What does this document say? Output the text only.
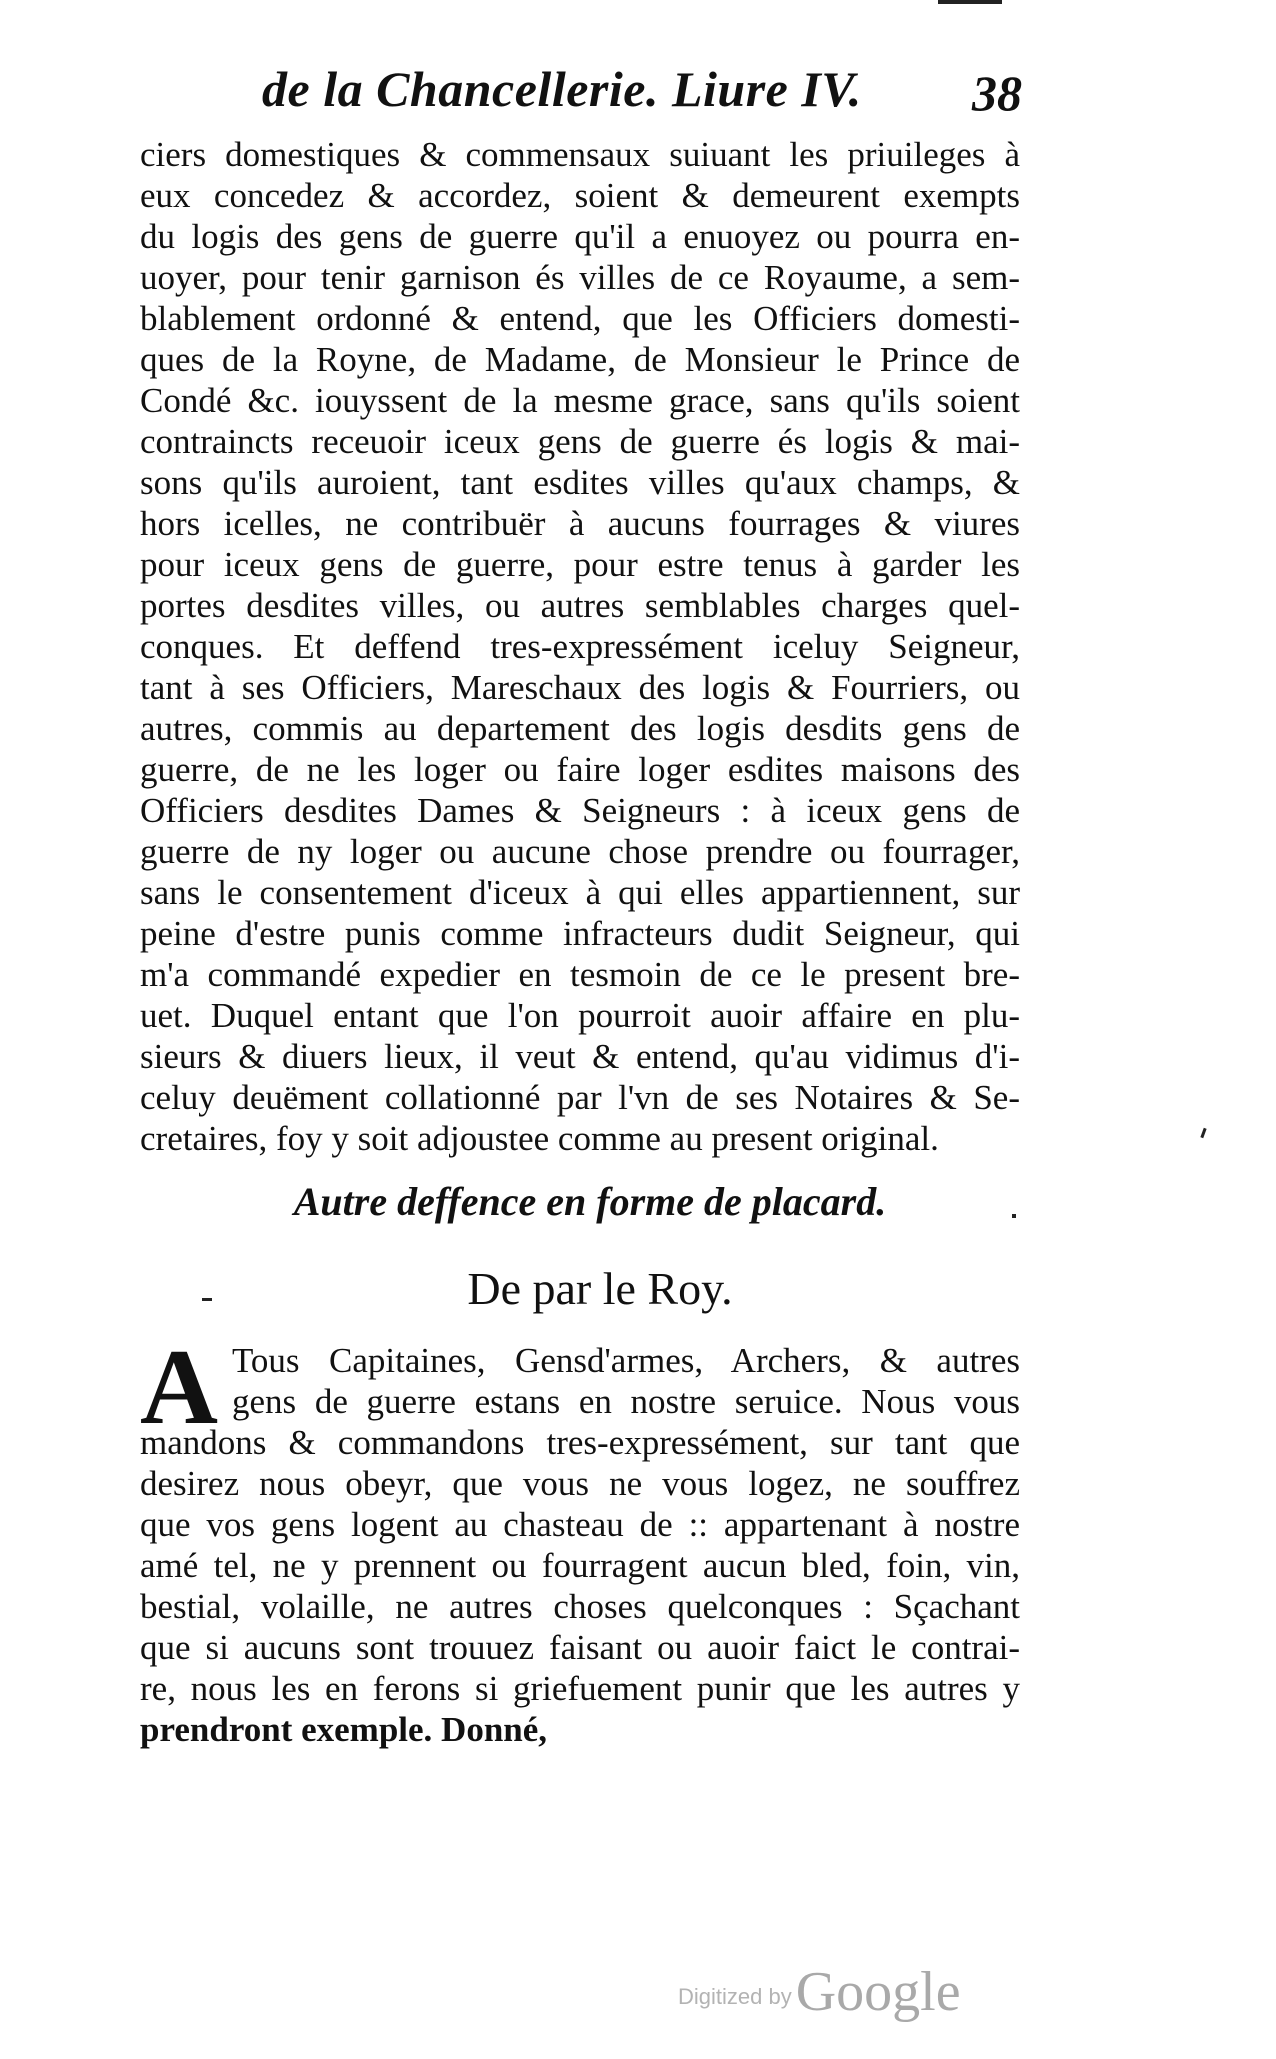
de la Chancellerie. Liure IV. 38
ciers domestiques & commensaux suiuant les priuileges à
eux concedez & accordez, soient & demeurent exempts
du logis des gens de guerre qu'il a enuoyez ou pourra en-
uoyer, pour tenir garnison és villes de ce Royaume, a sem-
blablement ordonné & entend, que les Officiers domesti-
ques de la Royne, de Madame, de Monsieur le Prince de
Condé &c. iouyssent de la mesme grace, sans qu'ils soient
contraincts receuoir iceux gens de guerre és logis & mai-
sons qu'ils auroient, tant esdites villes qu'aux champs, &
hors icelles, ne contribuër à aucuns fourrages & viures
pour iceux gens de guerre, pour estre tenus à garder les
portes desdites villes, ou autres semblables charges quel-
conques. Et deffend tres-expressément iceluy Seigneur,
tant à ses Officiers, Mareschaux des logis & Fourriers, ou
autres, commis au departement des logis desdits gens de
guerre, de ne les loger ou faire loger esdites maisons des
Officiers desdites Dames & Seigneurs : à iceux gens de
guerre de ny loger ou aucune chose prendre ou fourrager,
sans le consentement d'iceux à qui elles appartiennent, sur
peine d'estre punis comme infracteurs dudit Seigneur, qui
m'a commandé expedier en tesmoin de ce le present bre-
uet. Duquel entant que l'on pourroit auoir affaire en plu-
sieurs & diuers lieux, il veut & entend, qu'au vidimus d'i-
celuy deuëment collationné par l'vn de ses Notaires & Se-
cretaires, foy y soit adjoustee comme au present original.
Autre deffence en forme de placard.
De par le Roy.
A Tous Capitaines, Gensd'armes, Archers, & autres
gens de guerre estans en nostre seruice. Nous vous
mandons & commandons tres-expressément, sur tant que
desirez nous obeyr, que vous ne vous logez, ne souffrez
que vos gens logent au chasteau de :: appartenant à nostre
amé tel, ne y prennent ou fourragent aucun bled, foin, vin,
bestial, volaille, ne autres choses quelconques : Sçachant
que si aucuns sont trouuez faisant ou auoir faict le contrai-
re, nous les en ferons si griefuement punir que les autres y
prendront exemple. Donné,
Digitized by Google
